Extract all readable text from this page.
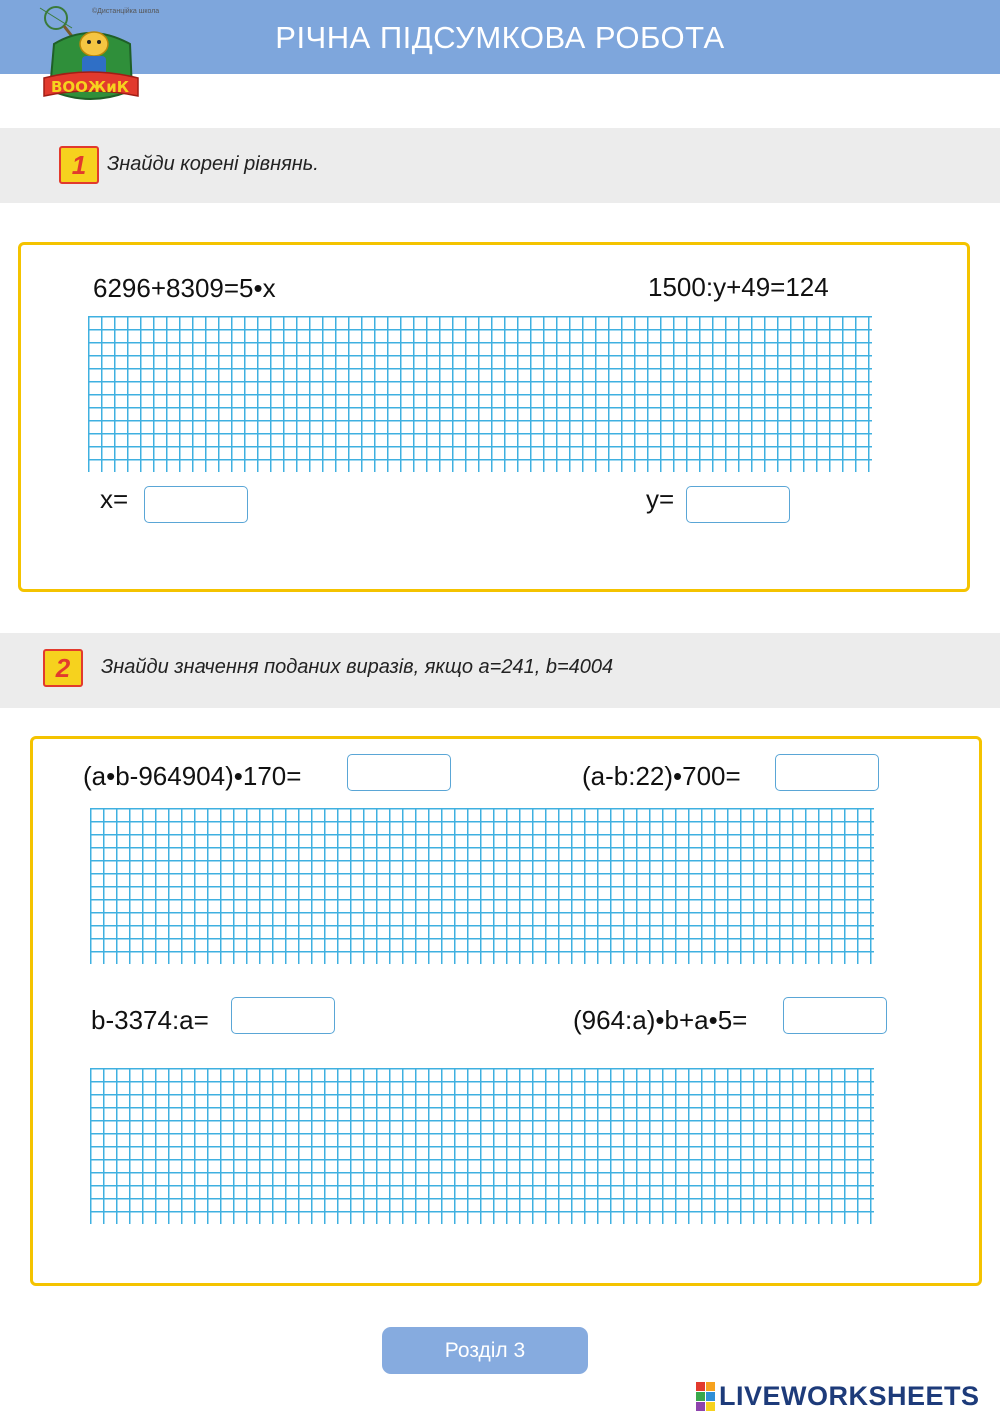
РІЧНА ПІДСУМКОВА РОБОТА
ВООЖиК
©Дистанційка школа
1	Знайди корені рівнянь.
6296+8309=5•x	1500:y+49=124
x=	y=
2	Знайди значення поданих виразів, якщо a=241, b=4004
(a•b-964904)•170=	(a-b:22)•700=
b-3374:a=	(964:a)•b+a•5=
Розділ 3
LIVEWORKSHEETS
